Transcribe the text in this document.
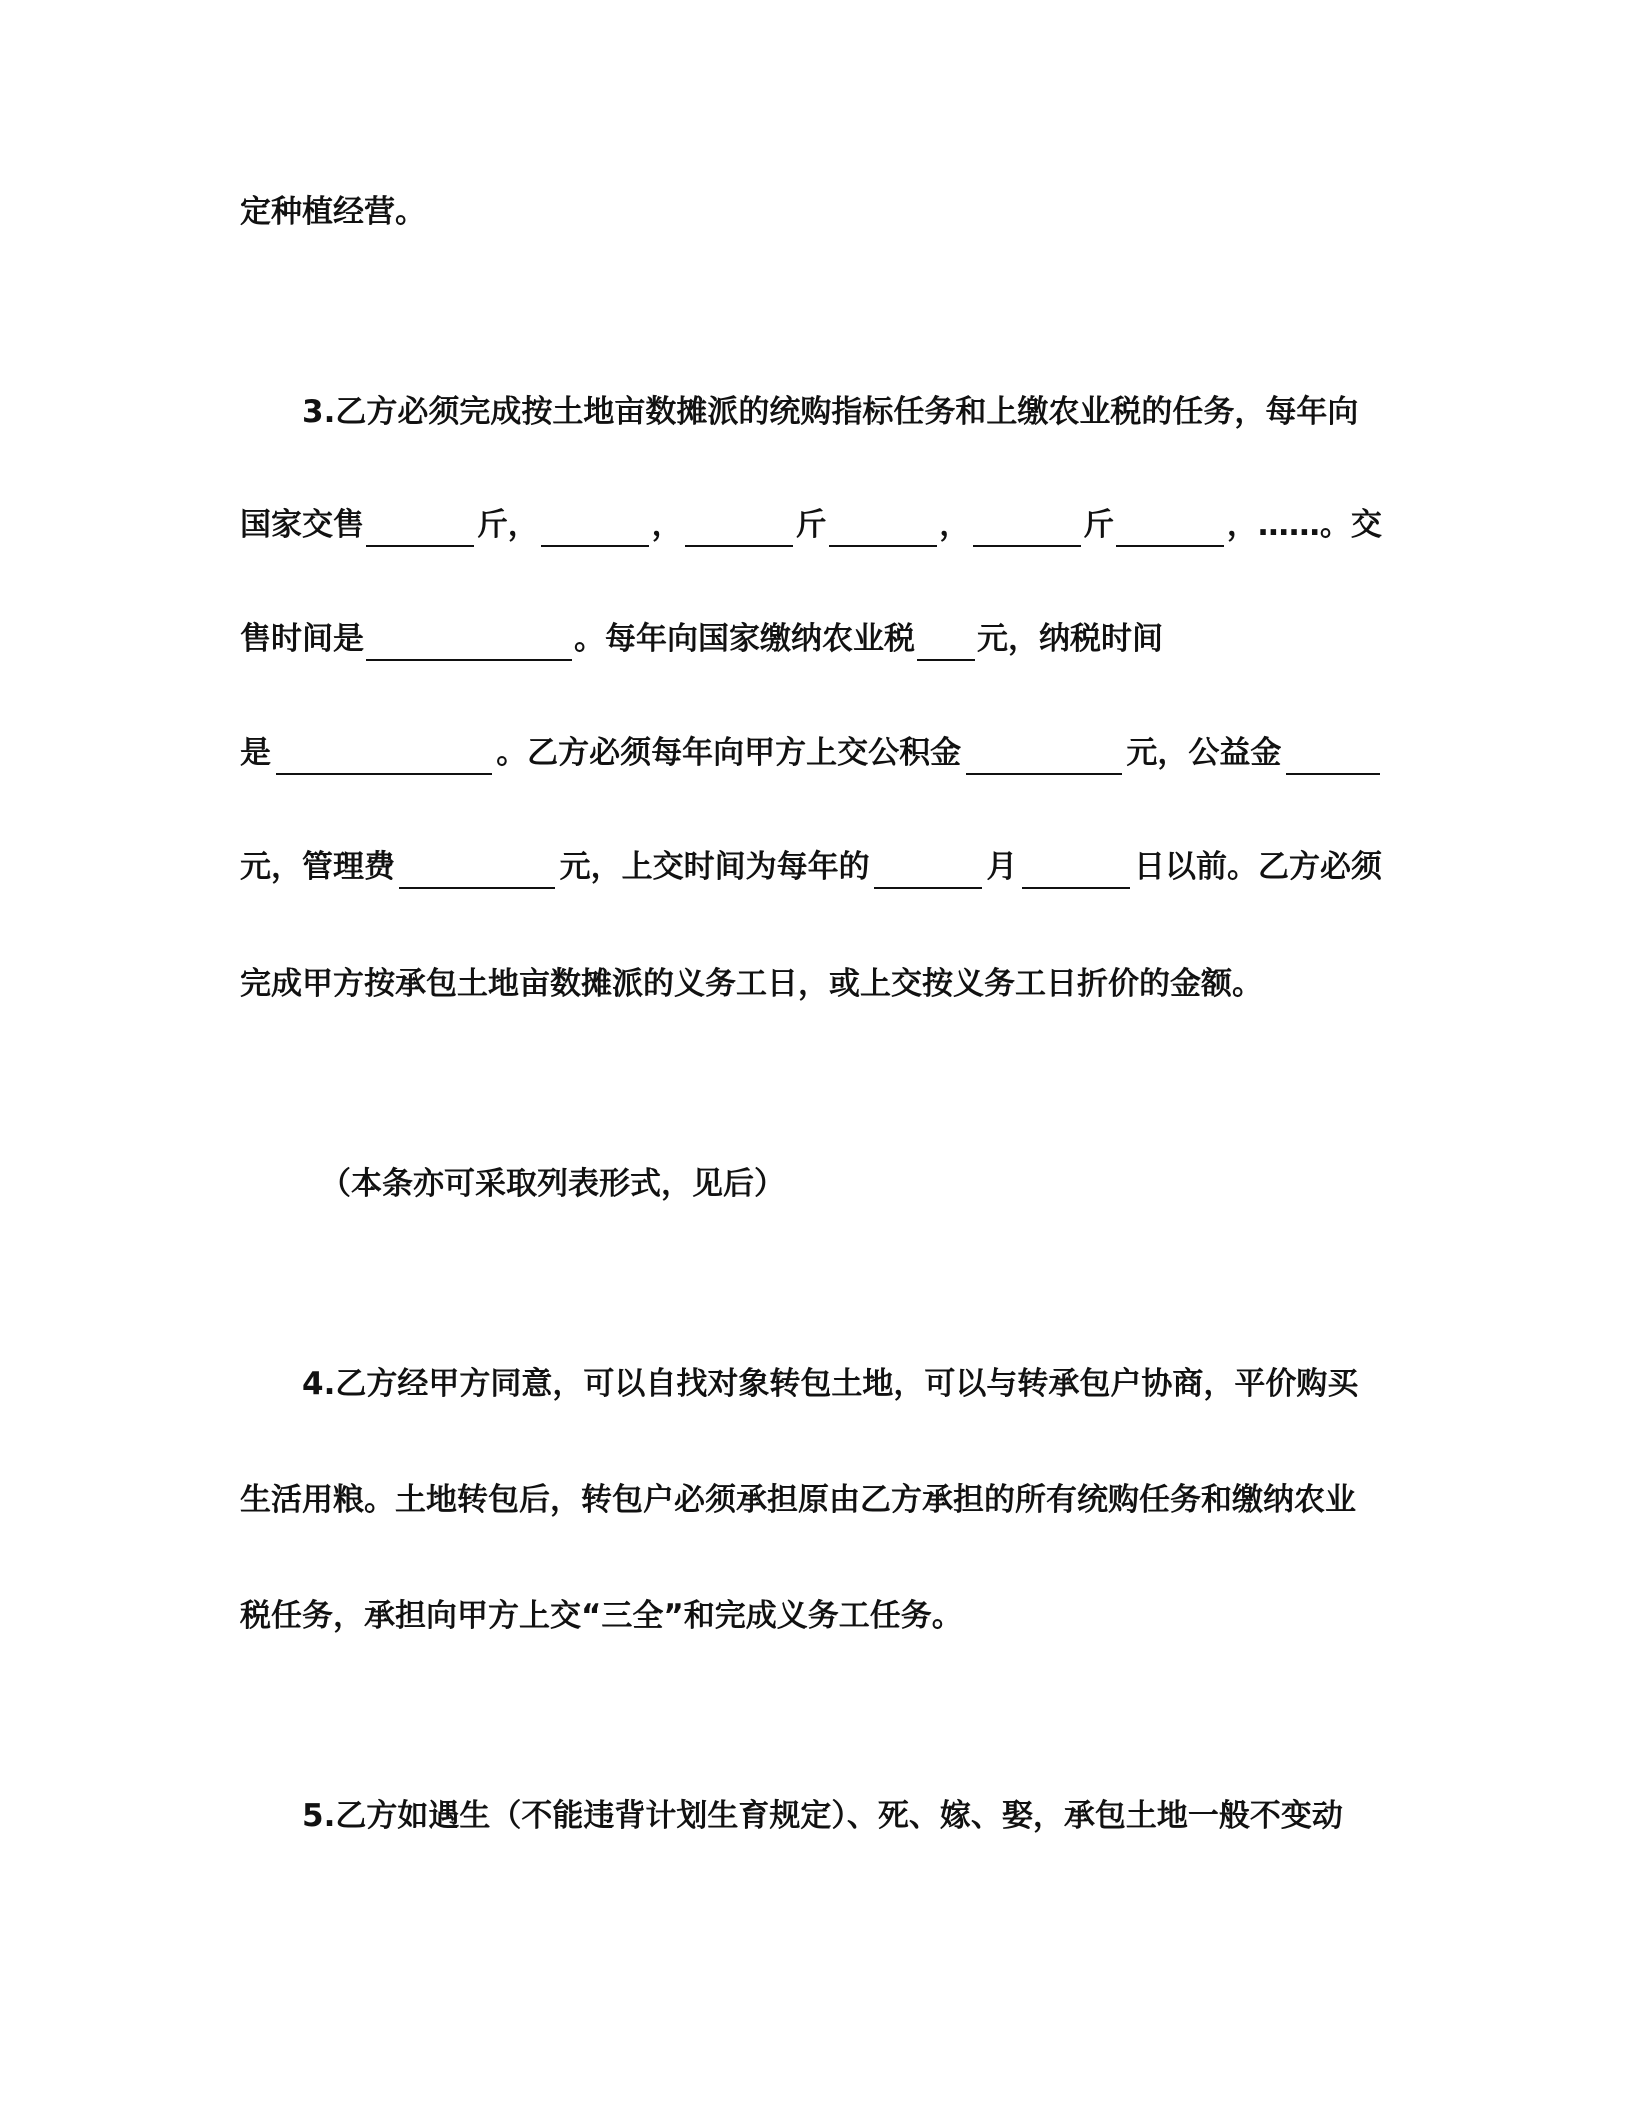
定种植经营。
3.乙方必须完成按土地亩数摊派的统购指标任务和上缴农业税的任务，每年向
国家交售	斤，	，	斤	，	斤	，……。交
售时间是	。每年向国家缴纳农业税 元，纳税时间
是	。乙方必须每年向甲方上交公积金	元，公益金
元，管理费	元，上交时间为每年的	月	日以前。乙方必须
完成甲方按承包土地亩数摊派的义务工日，或上交按义务工日折价的金额。
（本条亦可采取列表形式，见后）
4.乙方经甲方同意，可以自找对象转包土地，可以与转承包户协商，平价购买
生活用粮。土地转包后，转包户必须承担原由乙方承担的所有统购任务和缴纳农业
税任务，承担向甲方上交“三全”和完成义务工任务。
5.乙方如遇生（不能违背计划生育规定）、死、嫁、娶，承包土地一般不变动
